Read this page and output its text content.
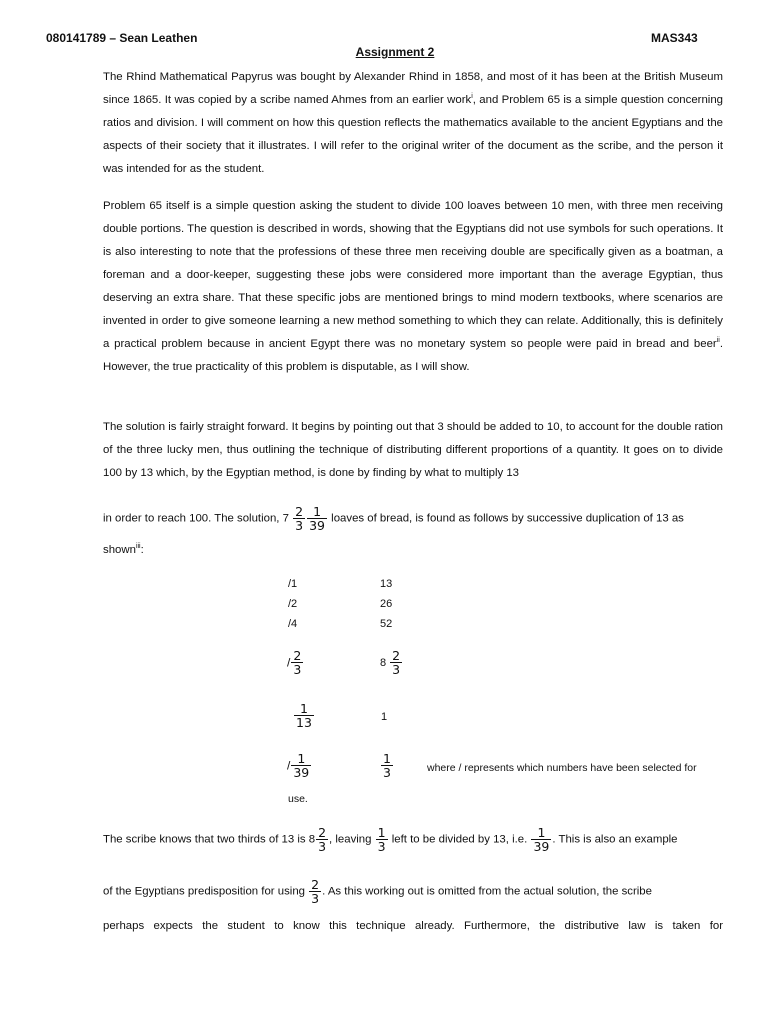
080141789 – Sean Leathen	MAS343
Assignment 2

The Rhind Mathematical Papyrus was bought by Alexander Rhind in 1858, and most of it has been at the British Museum since 1865. It was copied by a scribe named Ahmes from an earlier work$^i$, and Problem 65 is a simple question concerning ratios and division. I will comment on how this question reflects the mathematics available to the ancient Egyptians and the aspects of their society that it illustrates. I will refer to the original writer of the document as the scribe, and the person it was intended for as the student.

Problem 65 itself is a simple question asking the student to divide 100 loaves between 10 men, with three men receiving double portions. The question is described in words, showing that the Egyptians did not use symbols for such operations. It is also interesting to note that the professions of these three men receiving double are specifically given as a boatman, a foreman and a door-keeper, suggesting these jobs were considered more important than the average Egyptian, thus deserving an extra share. That these specific jobs are mentioned brings to mind modern textbooks, where scenarios are invented in order to give someone learning a new method something to which they can relate. Additionally, this is definitely a practical problem because in ancient Egypt there was no monetary system so people were paid in bread and beer$^{ii}$. However, the true practicality of this problem is disputable, as I will show.

The solution is fairly straight forward. It begins by pointing out that 3 should be added to 10, to account for the double ration of the three lucky men, thus outlining the technique of distributing different proportions of a quantity. It goes on to divide 100 by 13 which, by the Egyptian method, is done by finding by what to multiply 13

in order to reach 100. The solution, $7 \frac{2}{3} \frac{1}{39}$ loaves of bread, is found as follows by successive duplication of 13 as
shown$^{iii}$:
/1	13
/2	26
/4	52
/ $\frac{2}{3}$	$8 \frac{2}{3}$
$\frac{1}{13}$	1
/ $\frac{1}{39}$	$\frac{1}{3}$	where / represents which numbers have been selected for
use.
The scribe knows that two thirds of 13 is $8 \frac{2}{3}$ , leaving $\frac{1}{3}$ left to be divided by 13, i.e. $\frac{1}{39}$ . This is also an example
of the Egyptians predisposition for using $\frac{2}{3}$ . As this working out is omitted from the actual solution, the scribe
perhaps expects the student to know this technique already. Furthermore, the distributive law is taken for
